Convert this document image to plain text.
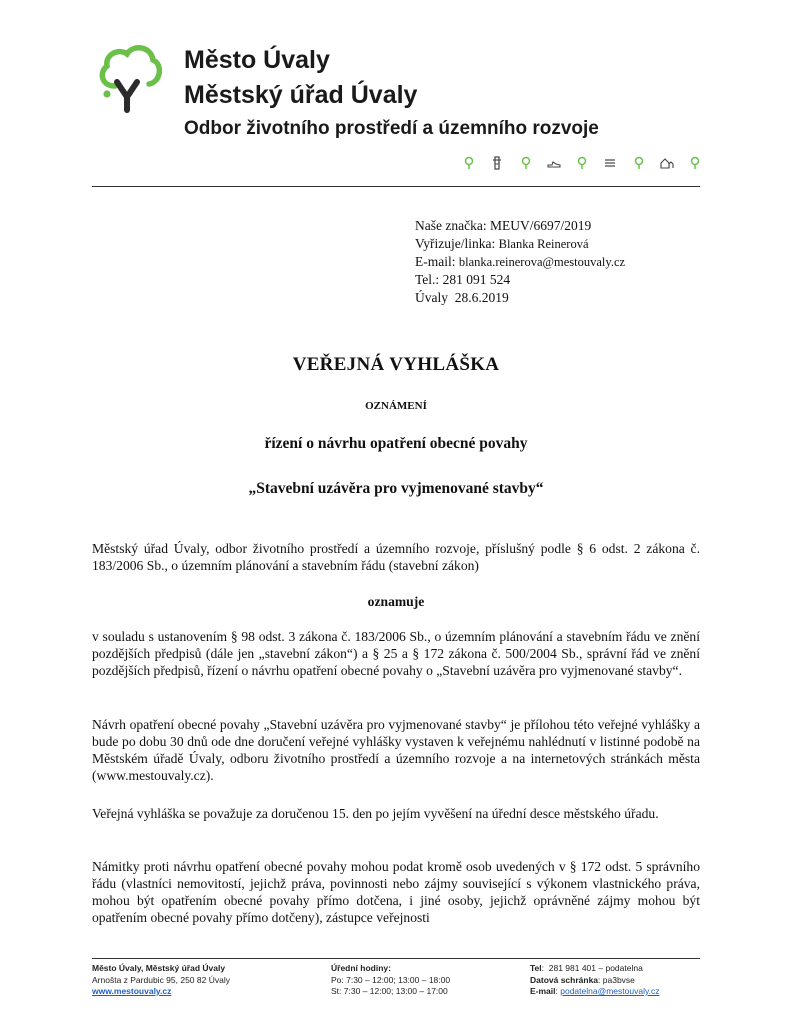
Město Úvaly
Městský úřad Úvaly
Odbor životního prostředí a územního rozvoje
Naše značka: MEUV/6697/2019
Vyřizuje/linka: Blanka Reinerová
E-mail: blanka.reinerova@mestouvaly.cz
Tel.: 281 091 524
Úvaly  28.6.2019
VEŘEJNÁ VYHLÁŠKA
OZNÁMENÍ
řízení o návrhu opatření obecné povahy
„Stavební uzávěra pro vyjmenované stavby“
Městský úřad Úvaly, odbor životního prostředí a územního rozvoje, příslušný podle § 6 odst. 2 zákona č. 183/2006 Sb., o územním plánování a stavebním řádu (stavební zákon)
oznamuje
v souladu s ustanovením § 98 odst. 3 zákona č. 183/2006 Sb., o územním plánování a stavebním řádu ve znění pozdějších předpisů (dále jen „stavební zákon“) a § 25 a § 172 zákona č. 500/2004 Sb., správní řád ve znění pozdějších předpisů, řízení o návrhu opatření obecné povahy o „Stavební uzávěra pro vyjmenované stavby“.
Návrh opatření obecné povahy „Stavební uzávěra pro vyjmenované stavby“ je přílohou této veřejné vyhlášky a bude po dobu 30 dnů ode dne doručení veřejné vyhlášky vystaven k veřejnému nahlédnutí v listinné podobě na Městském úřadě Úvaly, odboru životního prostředí a územního rozvoje a na internetových stránkách města (www.mestouvaly.cz).
Veřejná vyhláška se považuje za doručenou 15. den po jejím vyvěšení na úřední desce městského úřadu.
Námitky proti návrhu opatření obecné povahy mohou podat kromě osob uvedených v § 172 odst. 5 správního řádu (vlastníci nemovitostí, jejichž práva, povinnosti nebo zájmy související s výkonem vlastnického práva, mohou být opatřením obecné povahy přímo dotčena, i jiné osoby, jejichž oprávněné zájmy mohou být opatřením obecné povahy přímo dotčeny), zástupce veřejnosti
Město Úvaly, Městský úřad Úvaly
Arnošta z Pardubic 95, 250 82 Úvaly
www.mestouvaly.cz
Úřední hodiny:
Po: 7:30 – 12:00; 13:00 – 18:00
St: 7:30 – 12:00; 13:00 – 17:00
Tel:  281 981 401 – podatelna
Datová schránka: pa3bvse
E-mail: podatelna@mestouvaly.cz
